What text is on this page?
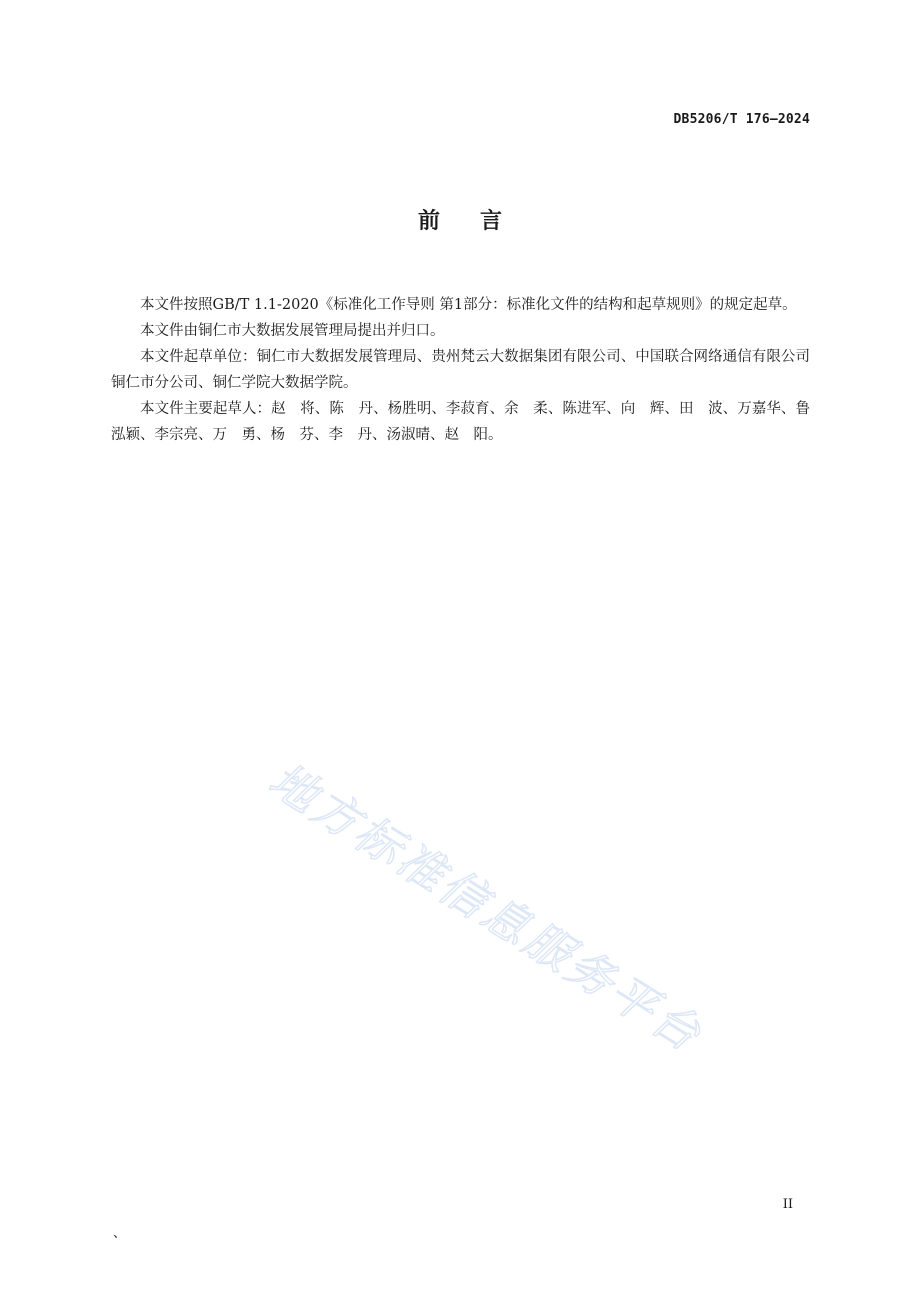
DB5206/T 176—2024
前言

本文件按照GB/T 1.1-2020《标准化工作导则 第1部分：标准化文件的结构和起草规则》的规定起草。

本文件由铜仁市大数据发展管理局提出并归口。

本文件起草单位：铜仁市大数据发展管理局、贵州梵云大数据集团有限公司、中国联合网络通信有限公司铜仁市分公司、铜仁学院大数据学院。

本文件主要起草人：赵　将、陈　丹、杨胜明、李菽育、余　柔、陈进军、向　辉、田　波、万嘉华、鲁泓颖、李宗亮、万　勇、杨　芬、李　丹、汤淑晴、赵　阳。

地方标准信息服务平台
II
、
